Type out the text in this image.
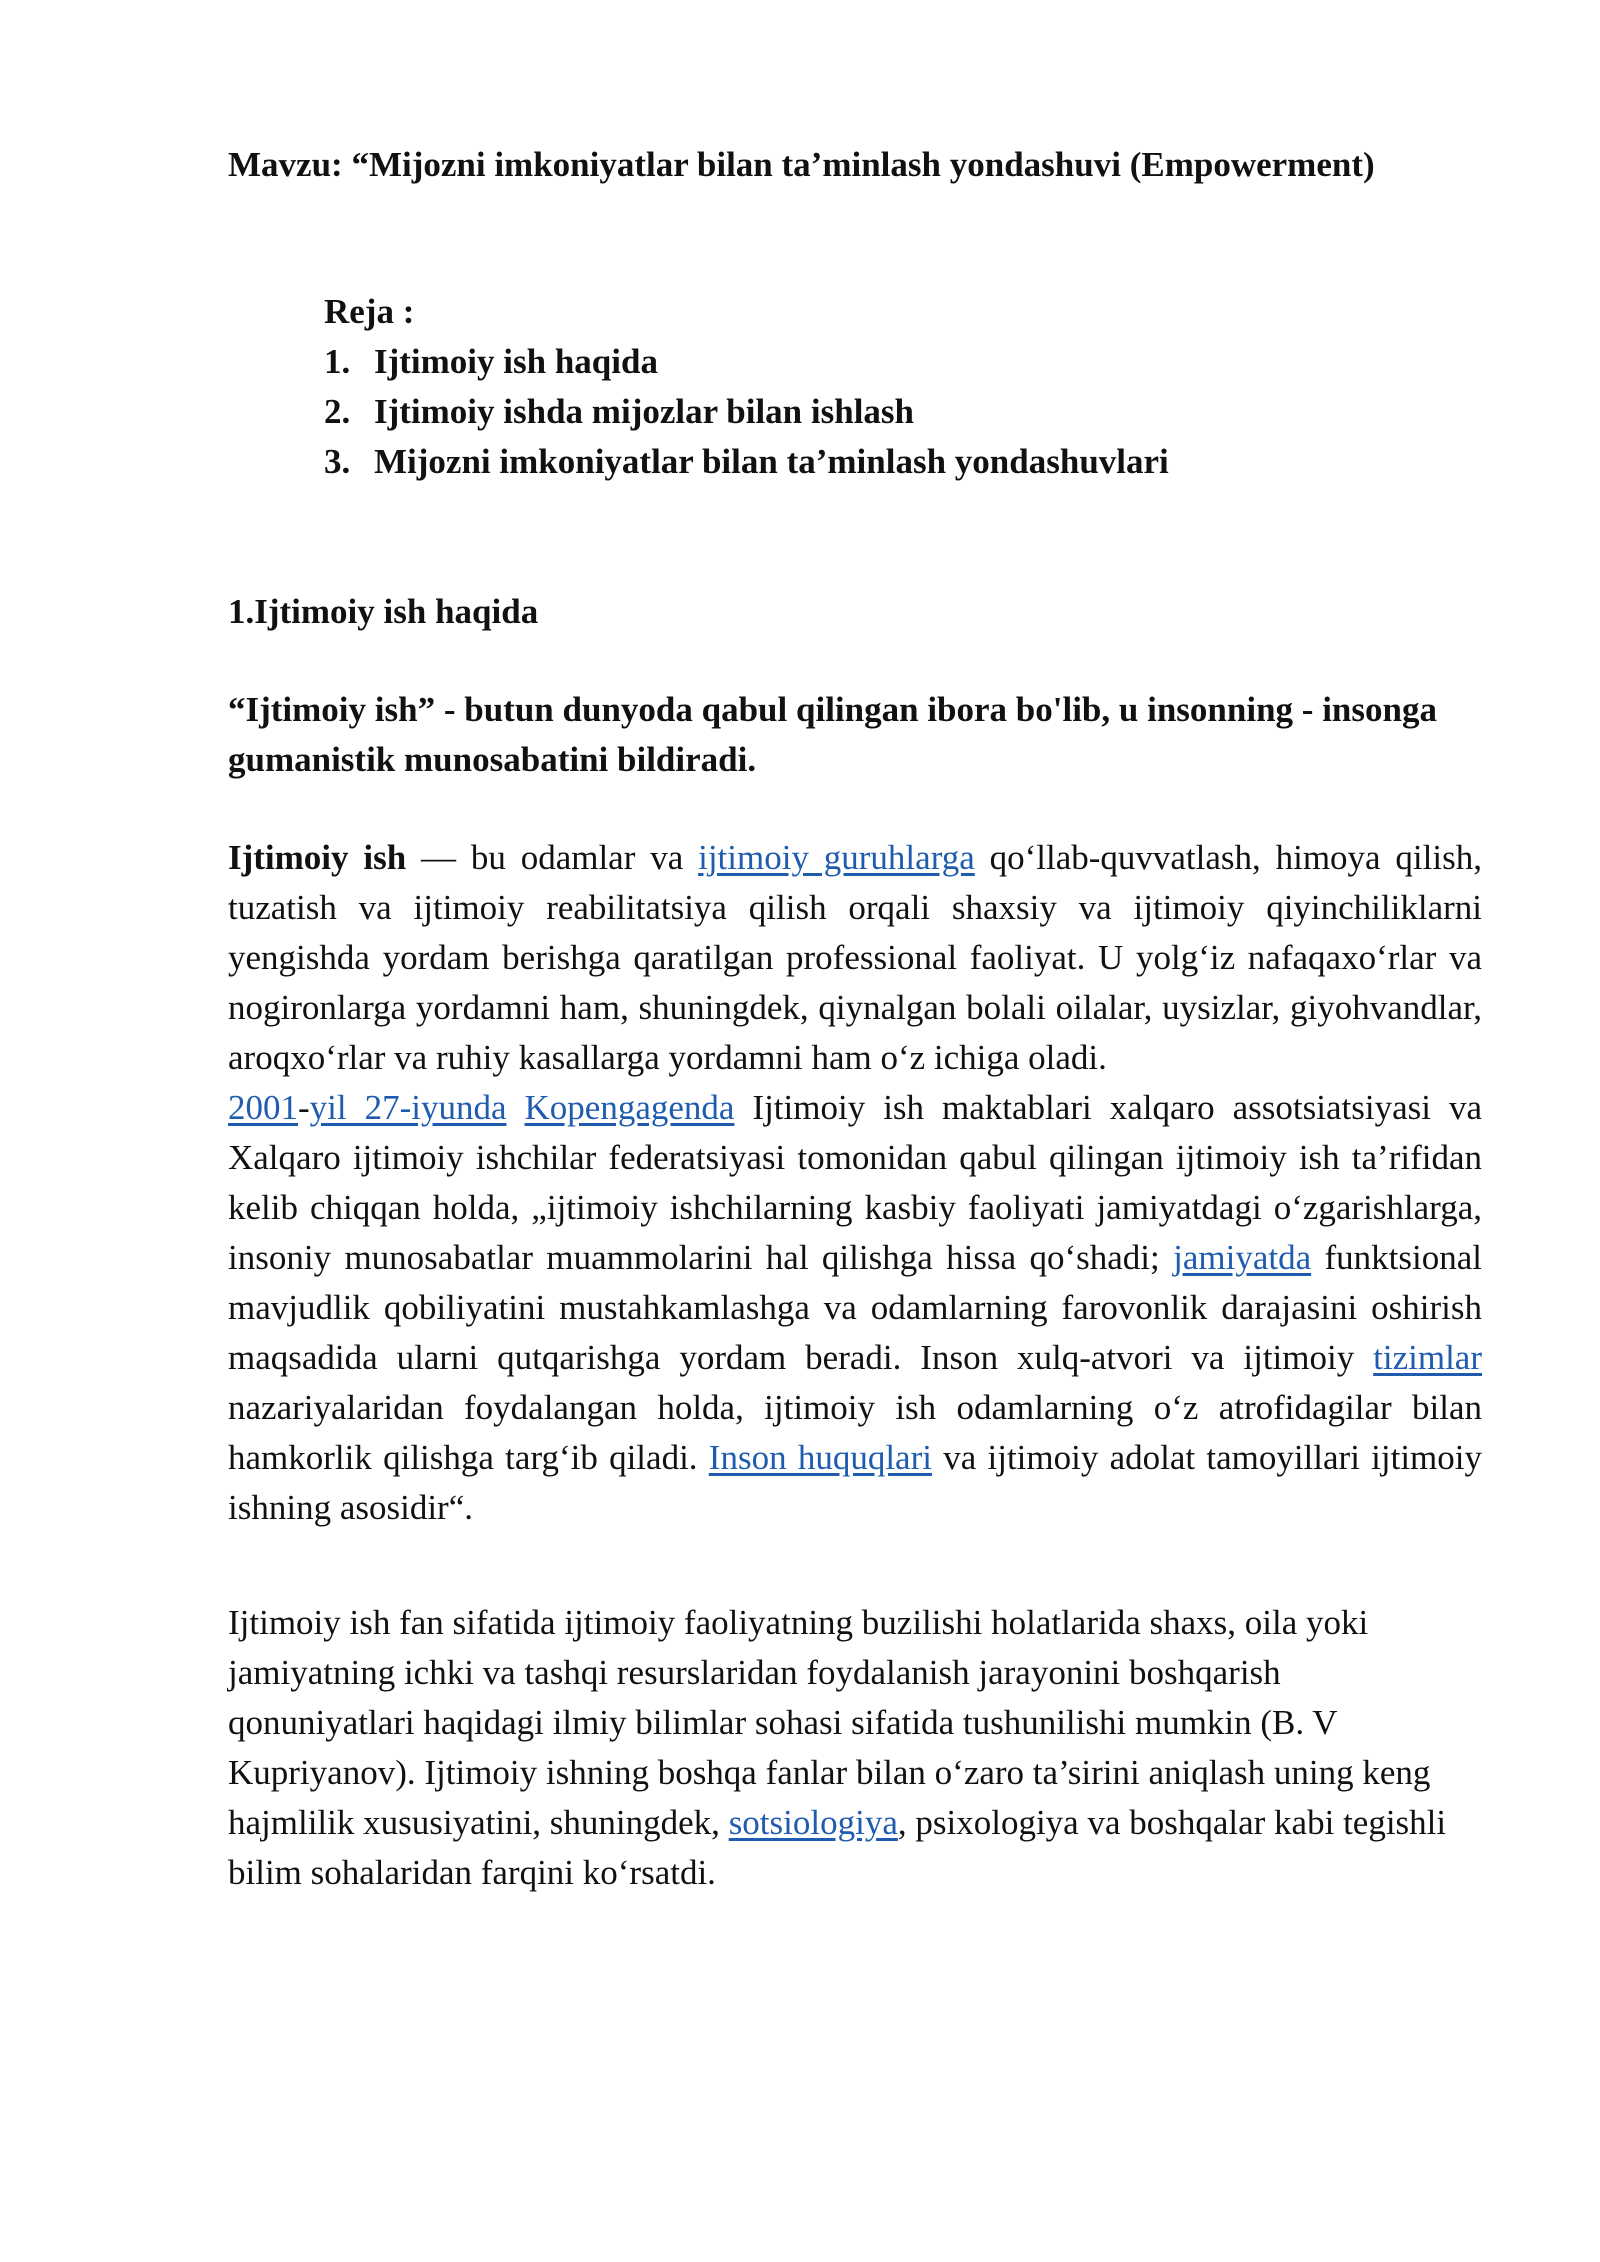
Mavzu: “Mijozni imkoniyatlar bilan ta’minlash yondashuvi (Empowerment)

Reja :

1. Ijtimoiy ish haqida
2. Ijtimoiy ishda mijozlar bilan ishlash
3. Mijozni imkoniyatlar bilan ta’minlash yondashuvlari

1.Ijtimoiy ish haqida

“Ijtimoiy ish” - butun dunyoda qabul qilingan ibora bo'lib, u insonning - insonga gumanistik munosabatini bildiradi.

Ijtimoiy ish — bu odamlar va ijtimoiy guruhlarga qo‘llab-quvvatlash, himoya qilish, tuzatish va ijtimoiy reabilitatsiya qilish orqali shaxsiy va ijtimoiy qiyinchiliklarni yengishda yordam berishga qaratilgan professional faoliyat. U yolg‘iz nafaqaxo‘rlar va nogironlarga yordamni ham, shuningdek, qiynalgan bolali oilalar, uysizlar, giyohvandlar, aroqxo‘rlar va ruhiy kasallarga yordamni ham o‘z ichiga oladi.

2001-yil 27-iyunda Kopengagenda Ijtimoiy ish maktablari xalqaro assotsiatsiyasi va Xalqaro ijtimoiy ishchilar federatsiyasi tomonidan qabul qilingan ijtimoiy ish ta’rifidan kelib chiqqan holda, „ijtimoiy ishchilarning kasbiy faoliyati jamiyatdagi o‘zgarishlarga, insoniy munosabatlar muammolarini hal qilishga hissa qo‘shadi; jamiyatda funktsional mavjudlik qobiliyatini mustahkamlashga va odamlarning farovonlik darajasini oshirish maqsadida ularni qutqarishga yordam beradi. Inson xulq-atvori va ijtimoiy tizimlar nazariyalaridan foydalangan holda, ijtimoiy ish odamlarning o‘z atrofidagilar bilan hamkorlik qilishga targ‘ib qiladi. Inson huquqlari va ijtimoiy adolat tamoyillari ijtimoiy ishning asosidir“.

Ijtimoiy ish fan sifatida ijtimoiy faoliyatning buzilishi holatlarida shaxs, oila yoki jamiyatning ichki va tashqi resurslaridan foydalanish jarayonini boshqarish qonuniyatlari haqidagi ilmiy bilimlar sohasi sifatida tushunilishi mumkin (B. V Kupriyanov). Ijtimoiy ishning boshqa fanlar bilan o‘zaro ta’sirini aniqlash uning keng hajmlilik xususiyatini, shuningdek, sotsiologiya, psixologiya va boshqalar kabi tegishli bilim sohalaridan farqini ko‘rsatdi.
